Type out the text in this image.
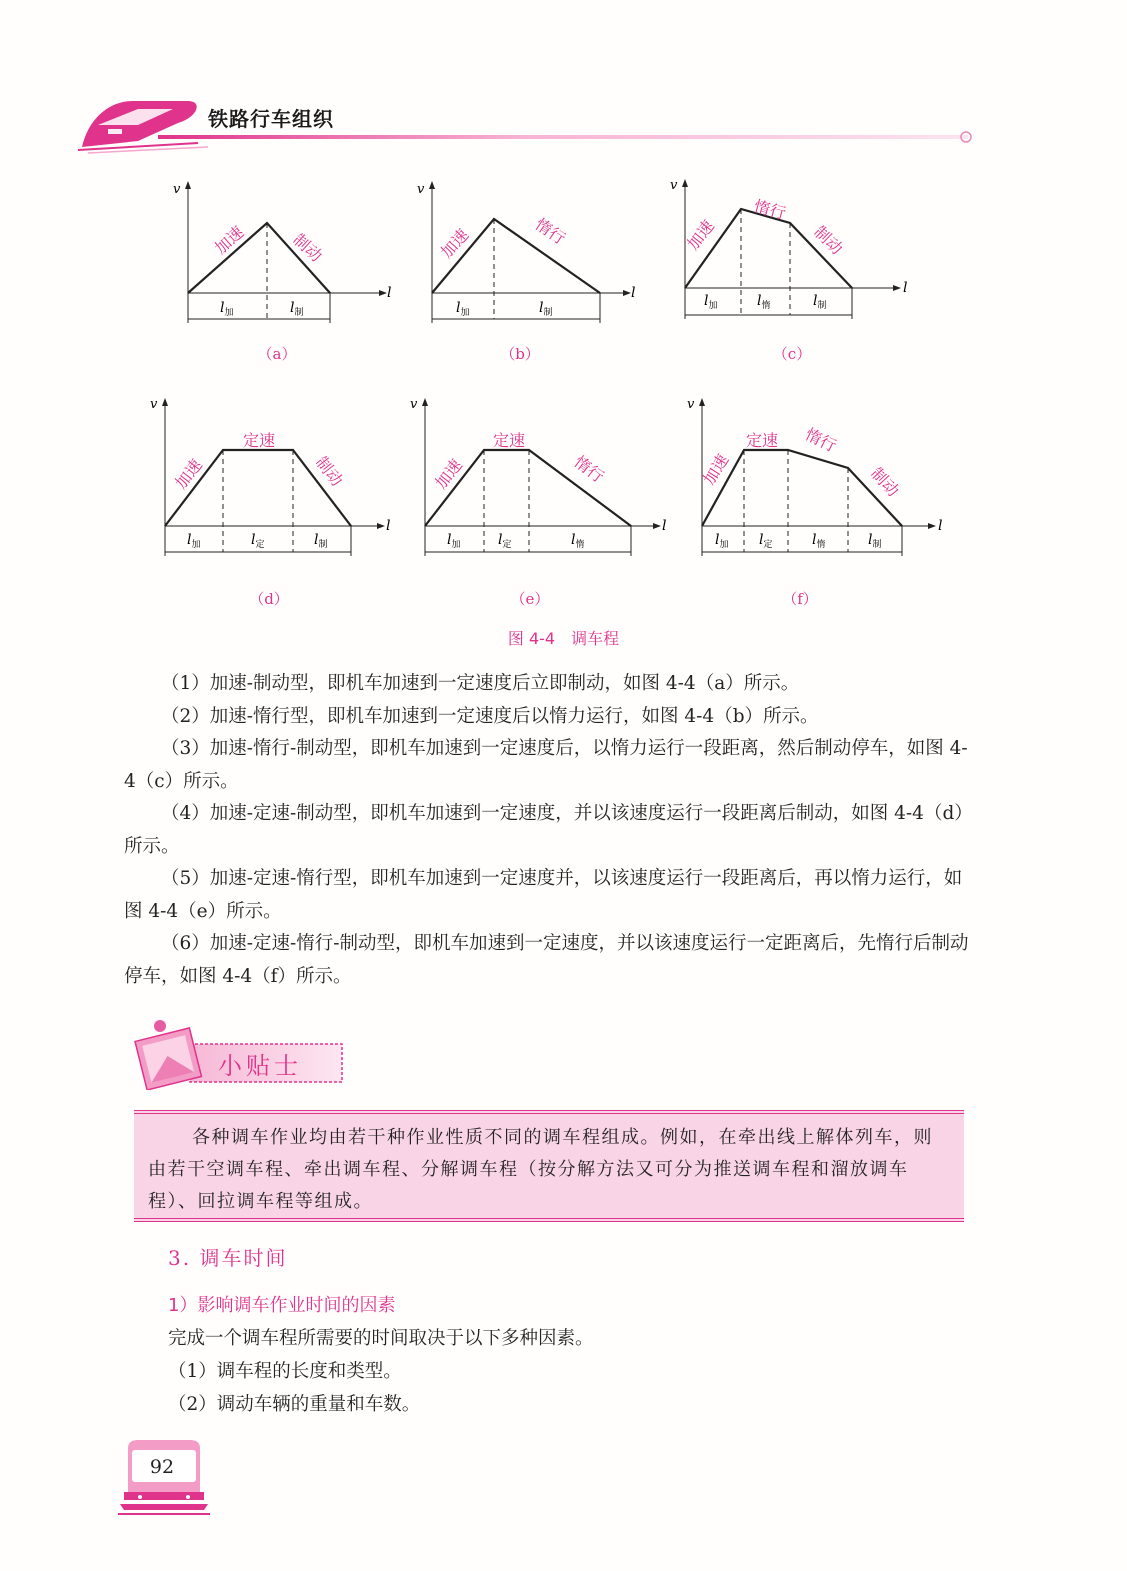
铁路行车组织
v
l
加速	制动
$l_加$	$l_制$
（a）
v
l
加速	惰行
$l_加$	$l_制$
（b）
v
l
加速
惰行
制动
$l_加$	$l_惰$	$l_制$
（c）
v
l
加速
定速
制动
$l_加$	$l_定$	$l_制$
（d）
v
l
加速
定速
惰行
$l_加$	$l_定$	$l_惰$
（e）
v
l
加速
定速 惰行
制动
$l_加$ $l_定$	$l_惰$	$l_制$
（f）
图 4-4　调车程

（1）加速-制动型，即机车加速到一定速度后立即制动，如图 4-4（a）所示。

（2）加速-惰行型，即机车加速到一定速度后以惰力运行，如图 4-4（b）所示。

（3）加速-惰行-制动型，即机车加速到一定速度后，以惰力运行一段距离，然后制动停车，如图 4-4（c）所示。

（4）加速-定速-制动型，即机车加速到一定速度，并以该速度运行一段距离后制动，如图 4-4（d）所示。

（5）加速-定速-惰行型，即机车加速到一定速度并，以该速度运行一段距离后，再以惰力运行，如图 4-4（e）所示。

（6）加速-定速-惰行-制动型，即机车加速到一定速度，并以该速度运行一定距离后，先惰行后制动停车，如图 4-4（f）所示。

小贴士

各种调车作业均由若干种作业性质不同的调车程组成。例如，在牵出线上解体列车，则由若干空调车程、牵出调车程、分解调车程（按分解方法又可分为推送调车程和溜放调车程）、回拉调车程等组成。

3. 调车时间
1）影响调车作业时间的因素

完成一个调车程所需要的时间取决于以下多种因素。

（1）调车程的长度和类型。

（2）调动车辆的重量和车数。

92
